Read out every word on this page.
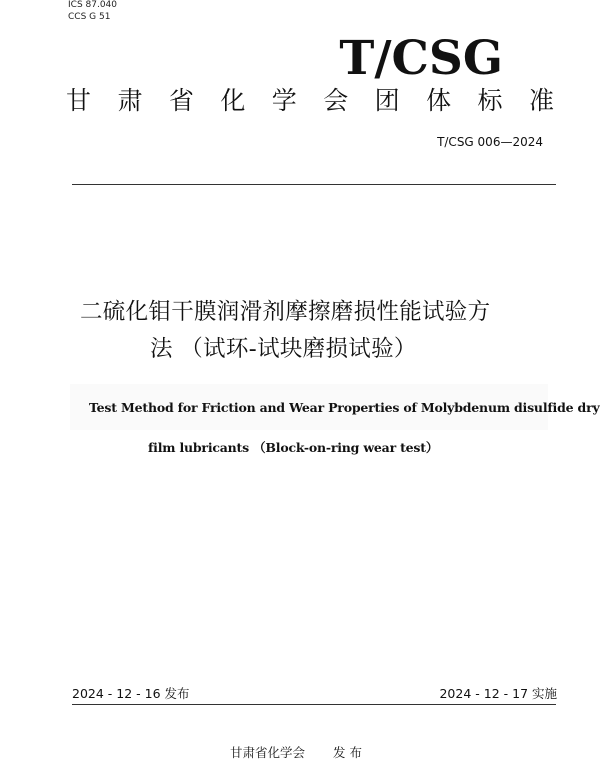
ICS 87.040
CCS G 51
T/CSG
甘 肃 省 化 学 会 团 体 标 准
T/CSG 006—2024
二硫化钼干膜润滑剂摩擦磨损性能试验方
法 （试环-试块磨损试验）
Test Method for Friction and Wear Properties of Molybdenum disulfide dry
film lubricants （Block-on-ring wear test）
2024 - 12 - 16 发布	2024 - 12 - 17 实施
甘肃省化学会 发 布
